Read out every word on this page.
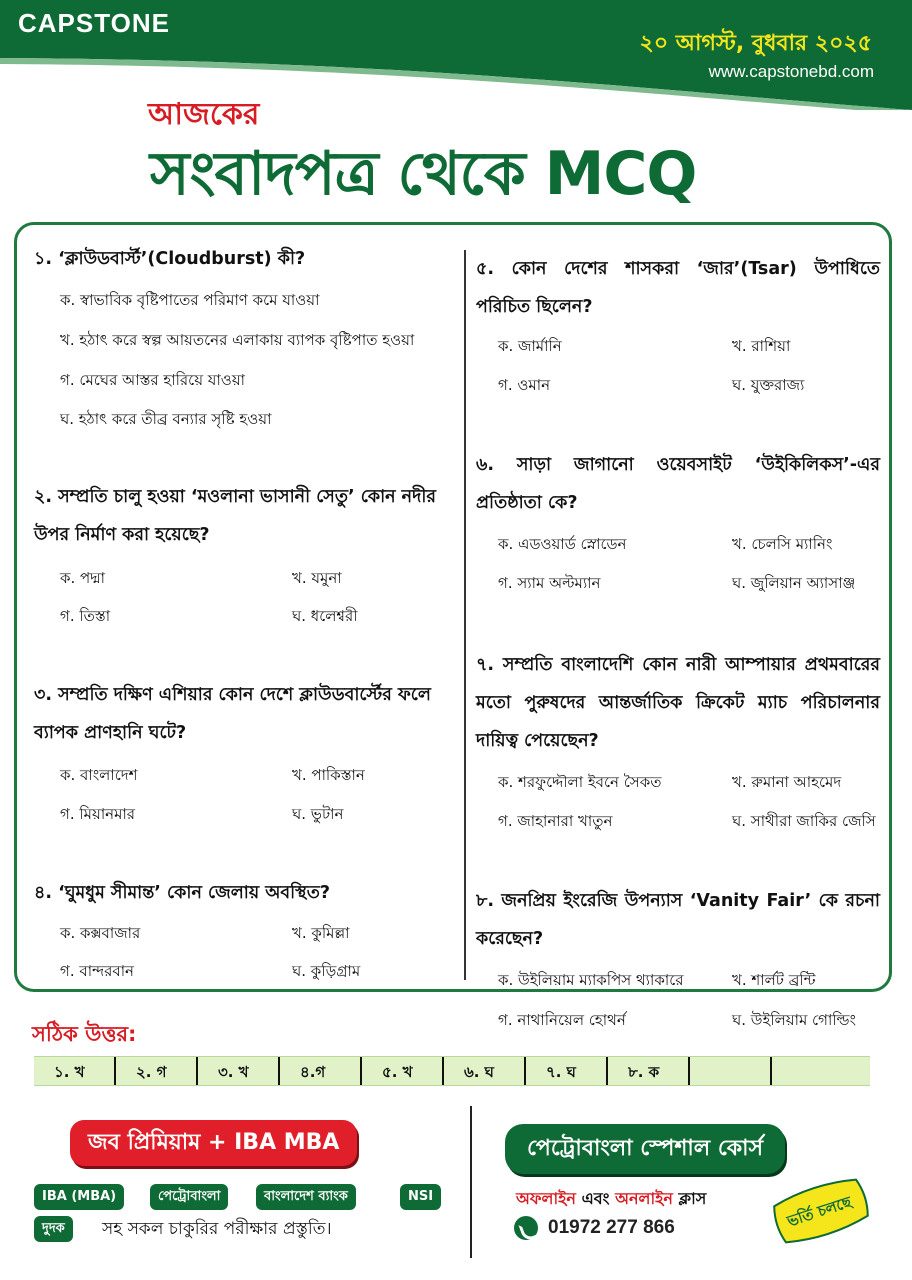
CAPSTONE
২০ আগস্ট, বুধবার ২০২৫
www.capstonebd.com
আজকের
সংবাদপত্র থেকে MCQ
১. ‘ক্লাউডবার্স্ট’(Cloudburst) কী?
ক. স্বাভাবিক বৃষ্টিপাতের পরিমাণ কমে যাওয়া
খ. হঠাৎ করে স্বল্প আয়তনের এলাকায় ব্যাপক বৃষ্টিপাত হওয়া
গ. মেঘের আস্তর হারিয়ে যাওয়া
ঘ. হঠাৎ করে তীব্র বন্যার সৃষ্টি হওয়া
২. সম্প্রতি চালু হওয়া ‘মওলানা ভাসানী সেতু’ কোন নদীর উপর নির্মাণ করা হয়েছে?
ক. পদ্মা	খ. যমুনা
গ. তিস্তা	ঘ. ধলেশ্বরী
৩. সম্প্রতি দক্ষিণ এশিয়ার কোন দেশে ক্লাউডবার্স্টের ফলে ব্যাপক প্রাণহানি ঘটে?
ক. বাংলাদেশ	খ. পাকিস্তান
গ. মিয়ানমার	ঘ. ভুটান
৪. ‘ঘুমধুম সীমান্ত’ কোন জেলায় অবস্থিত?
ক. কক্সবাজার	খ. কুমিল্লা
গ. বান্দরবান	ঘ. কুড়িগ্রাম
৫. কোন দেশের শাসকরা ‘জার’(Tsar) উপাধিতে পরিচিত ছিলেন?
ক. জার্মানি	খ. রাশিয়া
গ. ওমান	ঘ. যুক্তরাজ্য
৬. সাড়া জাগানো ওয়েবসাইট ‘উইকিলিকস’-এর প্রতিষ্ঠাতা কে?
ক. এডওয়ার্ড স্নোডেন	খ. চেলসি ম্যানিং
গ. স্যাম অল্টম্যান	ঘ. জুলিয়ান অ্যাসাঞ্জ
৭. সম্প্রতি বাংলাদেশি কোন নারী আম্পায়ার প্রথমবারের মতো পুরুষদের আন্তর্জাতিক ক্রিকেট ম্যাচ পরিচালনার দায়িত্ব পেয়েছেন?
ক. শরফুদ্দৌলা ইবনে সৈকত	খ. রুমানা আহমেদ
গ. জাহানারা খাতুন	ঘ. সাথীরা জাকির জেসি
৮. জনপ্রিয় ইংরেজি উপন্যাস ‘Vanity Fair’ কে রচনা করেছেন?
ক. উইলিয়াম ম্যাকপিস থ্যাকারে	খ. শার্লট ব্রন্টি
গ. নাথানিয়েল হোথর্ন	ঘ. উইলিয়াম গোল্ডিং
সঠিক উত্তর:
১. খ	২. গ	৩. খ	৪.গ	৫. খ	৬. ঘ	৭. ঘ	৮. ক
জব প্রিমিয়াম + IBA MBA
IBA (MBA)	পেট্রোবাংলা	বাংলাদেশ ব্যাংক	NSI
দুদক	সহ সকল চাকুরির পরীক্ষার প্রস্তুতি।
পেট্রোবাংলা স্পেশাল কোর্স
অফলাইন এবং অনলাইন ক্লাস
01972 277 866	ভর্তি চলছে
